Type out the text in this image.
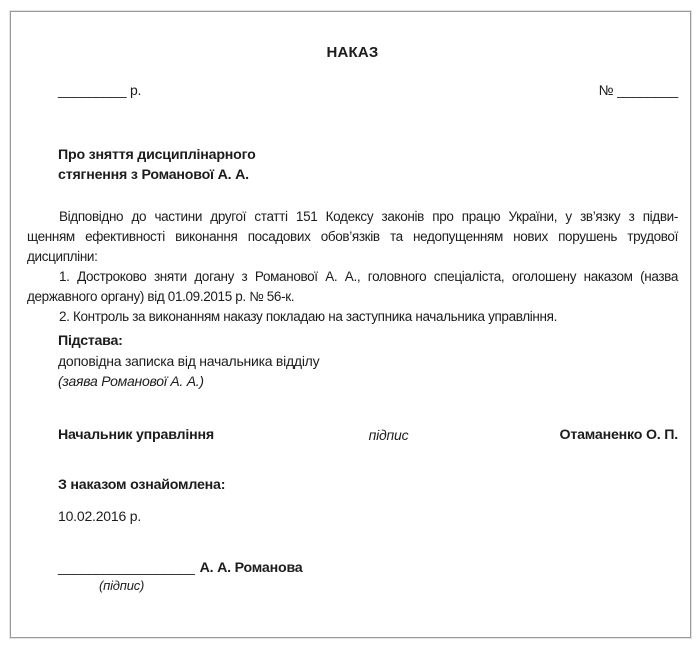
НАКАЗ
_________ р.	№ ________
Про зняття дисциплінарного
стягнення з Романової А. А.
Відповідно до частини другої статті 151 Кодексу законів про працю України, у зв’язку з підви-
щенням ефективності виконання посадових обов’язків та недопущенням нових порушень трудової
дисципліни:
1. Достроково зняти догану з Романової А. А., головного спеціаліста, оголошену наказом (назва
державного органу) від 01.09.2015 р. № 56-к.
2. Контроль за виконанням наказу покладаю на заступника начальника управління.
Підстава:
доповідна записка від начальника відділу
(заява Романової А. А.)
Начальник управління	підпис	Отаманенко О. П.
З наказом ознайомлена:
10.02.2016 р.
__________________ А. А. Романова
(підпис)
